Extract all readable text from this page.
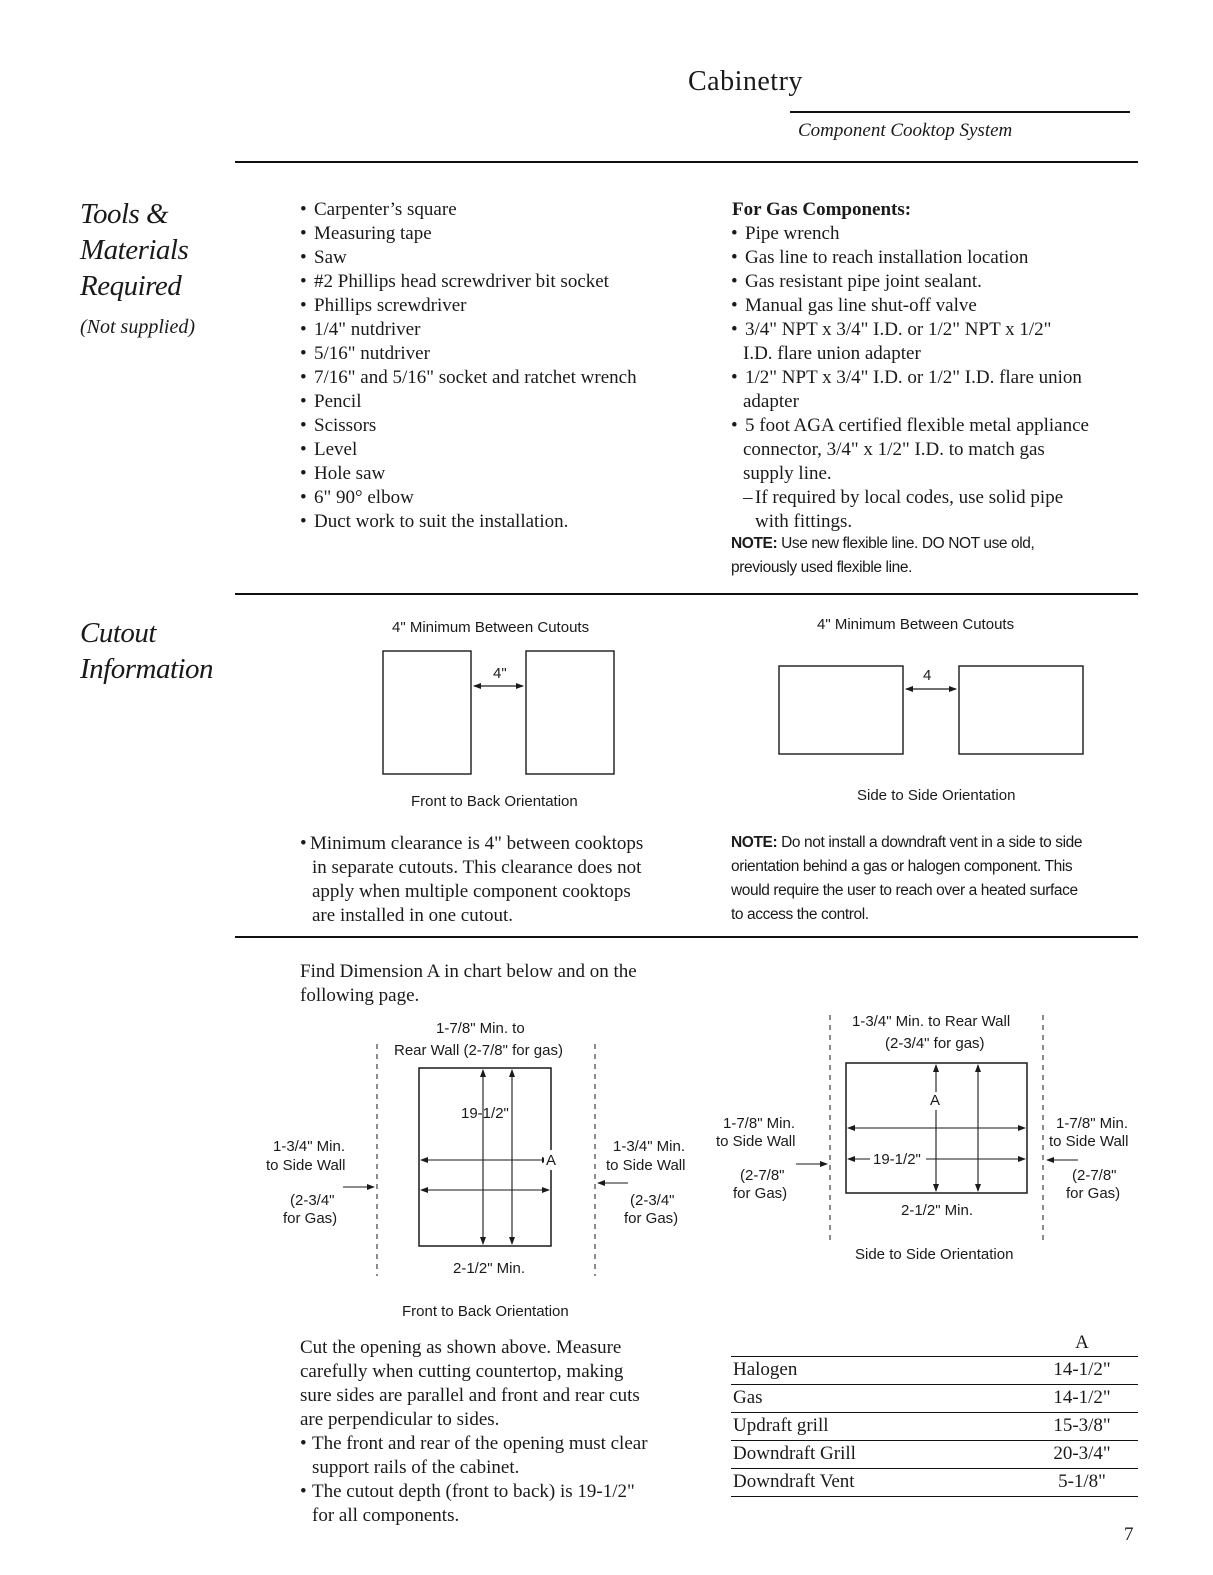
Cabinetry
Component Cooktop System
Tools &
Materials
Required
(Not supplied)
• Carpenter’s square
• Measuring tape
• Saw
• #2 Phillips head screwdriver bit socket
• Phillips screwdriver
• 1/4" nutdriver
• 5/16" nutdriver
• 7/16" and 5/16" socket and ratchet wrench
• Pencil
• Scissors
• Level
• Hole saw
• 6" 90° elbow
• Duct work to suit the installation.
For Gas Components:
• Pipe wrench
• Gas line to reach installation location
• Gas resistant pipe joint sealant.
• Manual gas line shut-off valve
• 3/4" NPT x 3/4" I.D. or 1/2" NPT x 1/2"
I.D. flare union adapter
• 1/2" NPT x 3/4" I.D. or 1/2" I.D. flare union
adapter
• 5 foot AGA certified flexible metal appliance
connector, 3/4" x 1/2" I.D. to match gas
supply line.
– If required by local codes, use solid pipe
with fittings.
NOTE: Use new flexible line. DO NOT use old,
previously used flexible line.
Cutout
Information
4" Minimum Between Cutouts
4"
Front to Back Orientation
4" Minimum Between Cutouts
4
Side to Side Orientation
• Minimum clearance is 4" between cooktops
in separate cutouts. This clearance does not
apply when multiple component cooktops
are installed in one cutout.
NOTE: Do not install a downdraft vent in a side to side
orientation behind a gas or halogen component. This
would require the user to reach over a heated surface
to access the control.
Find Dimension A in chart below and on the
following page.
1-7/8" Min. to
Rear Wall (2-7/8" for gas)
19-1/2"
A
1-3/4" Min.
to Side Wall
(2-3/4"
for Gas)
1-3/4" Min.
to Side Wall
(2-3/4"
for Gas)
2-1/2" Min.
Front to Back Orientation
1-3/4" Min. to Rear Wall
(2-3/4" for gas)
A
19-1/2"
1-7/8" Min.
to Side Wall
(2-7/8"
for Gas)
1-7/8" Min.
to Side Wall
(2-7/8"
for Gas)
2-1/2" Min.
Side to Side Orientation
Cut the opening as shown above. Measure
carefully when cutting countertop, making
sure sides are parallel and front and rear cuts
are perpendicular to sides.
• The front and rear of the opening must clear
support rails of the cabinet.
• The cutout depth (front to back) is 19-1/2"
for all components.
	A
Halogen	14-1/2"
Gas	14-1/2"
Updraft grill	15-3/8"
Downdraft Grill	20-3/4"
Downdraft Vent	5-1/8"
7
